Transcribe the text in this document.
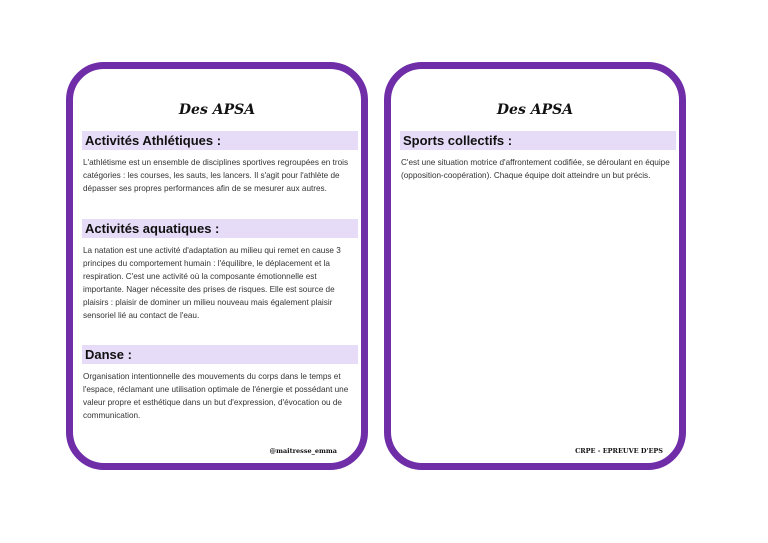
Des APSA
Activités Athlétiques :
L'athlétisme est un ensemble de disciplines sportives regroupées en trois catégories : les courses, les sauts, les lancers. Il s'agit pour l'athlète de dépasser ses propres performances afin de se mesurer aux autres.
Activités aquatiques :
La natation est une activité d'adaptation au milieu qui remet en cause 3 principes du comportement humain : l'équilibre, le déplacement et la respiration. C'est une activité où la composante émotionnelle est importante. Nager nécessite des prises de risques. Elle est source de plaisirs : plaisir de dominer un milieu nouveau mais également plaisir sensoriel lié au contact de l'eau.
Danse :
Organisation intentionnelle des mouvements du corps dans le temps et l'espace, réclamant une utilisation optimale de l'énergie et possédant une valeur propre et esthétique dans un but d'expression, d'évocation ou de communication.
@maitresse_emma
Des APSA
Sports collectifs :
C'est une situation motrice d'affrontement codifiée, se déroulant en équipe (opposition-coopération). Chaque équipe doit atteindre un but précis.
CRPE - EPREUVE D'EPS
